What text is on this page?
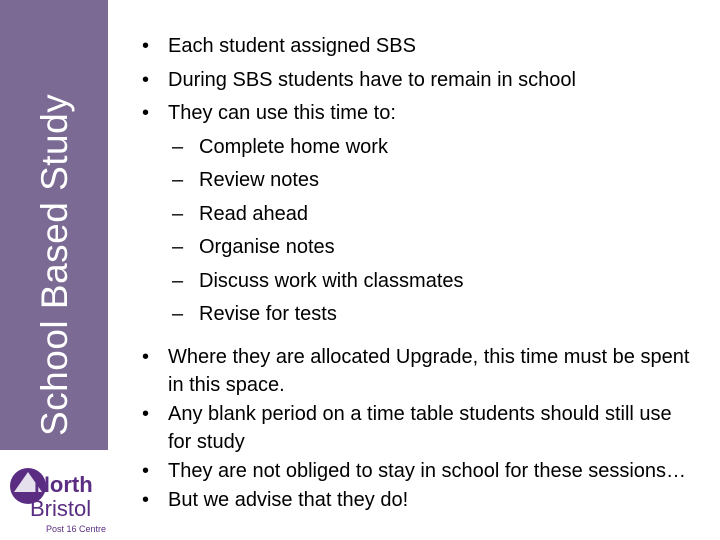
School Based Study
North
Bristol
Post 16 Centre
• Each student assigned SBS
• During SBS students have to remain in school
• They can use this time to:
– Complete home work
– Review notes
– Read ahead
– Organise notes
– Discuss work with classmates
– Revise for tests
• Where they are allocated Upgrade, this time must be spent in this space.
• Any blank period on a time table students should still use for study
• They are not obliged to stay in school for these sessions…
• But we advise that they do!
